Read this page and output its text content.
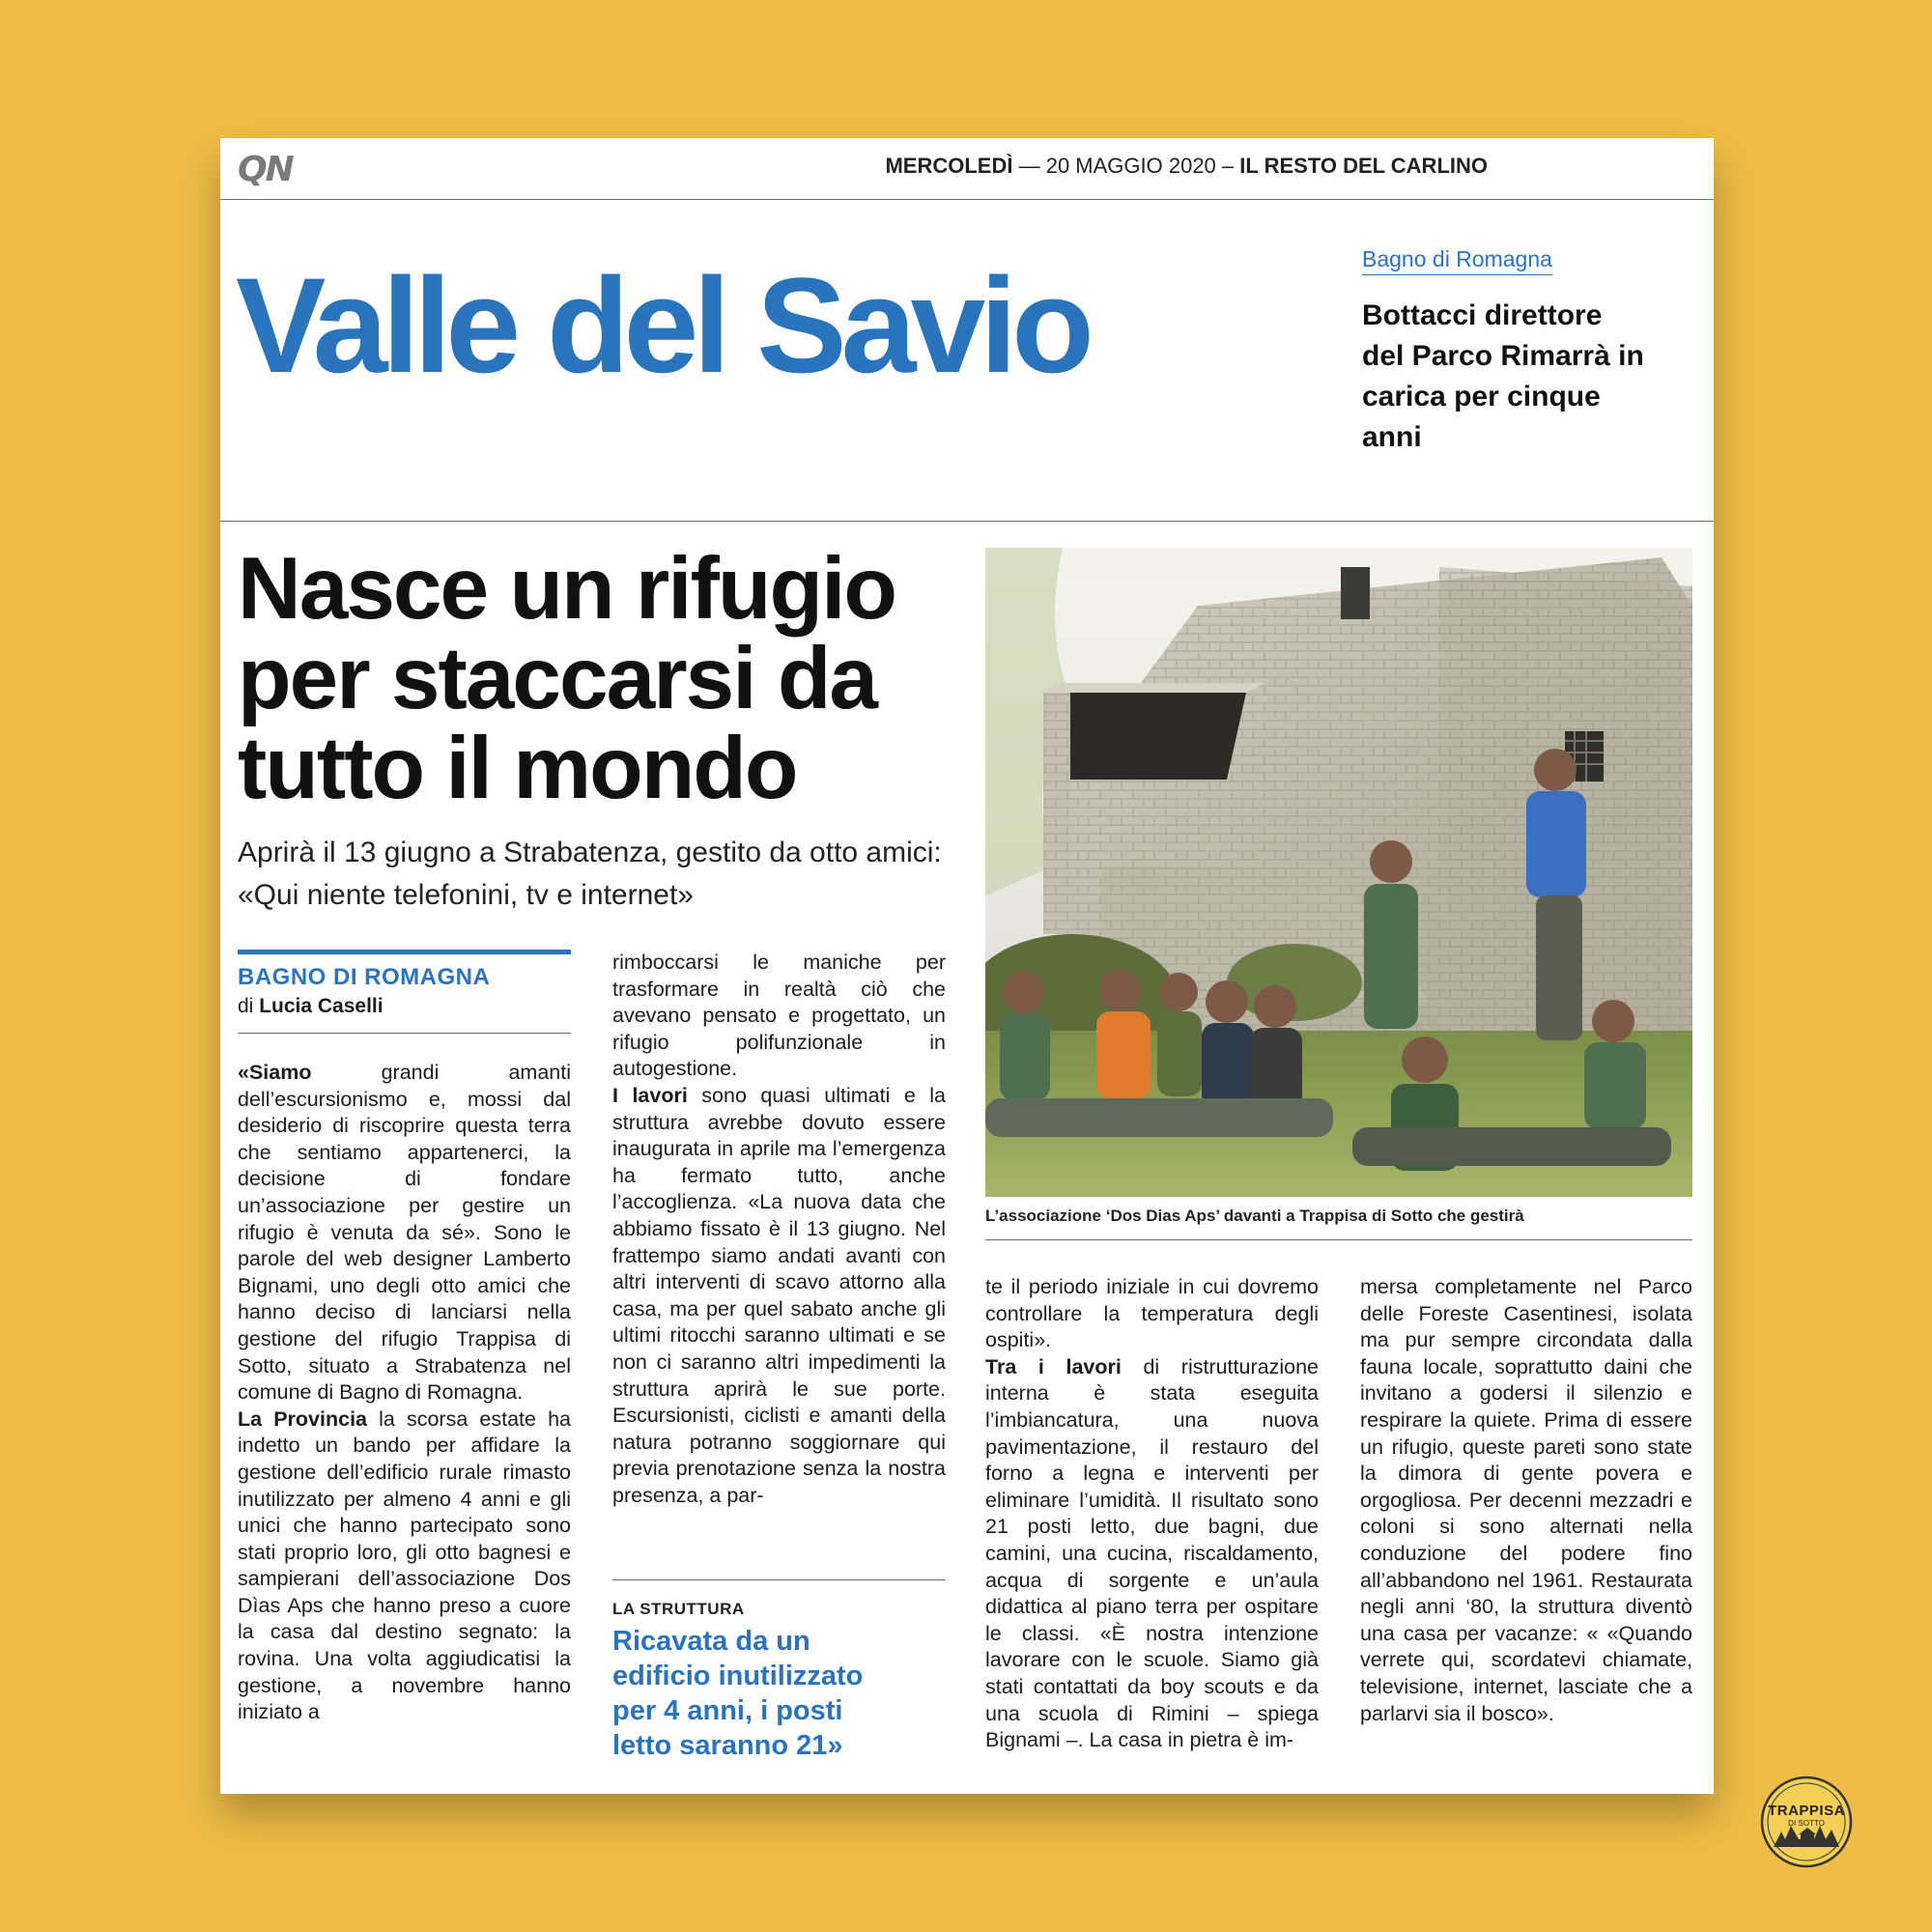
QN	MERCOLEDÌ — 20 MAGGIO 2020 – IL RESTO DEL CARLINO
Valle del Savio	Bagno di Romagna
Bottacci direttore del Parco Rimarrà in carica per cinque anni
Nasce un rifugio per staccarsi da tutto il mondo
Aprirà il 13 giugno a Strabatenza, gestito da otto amici: «Qui niente telefonini, tv e internet»
L’associazione ‘Dos Dias Aps’ davanti a Trappisa di Sotto che gestirà
BAGNO DI ROMAGNA
di Lucia Caselli

«Siamo grandi amanti dell’escursionismo e, mossi dal desiderio di riscoprire questa terra che sentiamo appartenerci, la decisione di fondare un’associazione per gestire un rifugio è venuta da sé». Sono le parole del web designer Lamberto Bignami, uno degli otto amici che hanno deciso di lanciarsi nella gestione del rifugio Trappisa di Sotto, situato a Strabatenza nel comune di Bagno di Romagna.

La Provincia la scorsa estate ha indetto un bando per affidare la gestione dell’edificio rurale rimasto inutilizzato per almeno 4 anni e gli unici che hanno partecipato sono stati proprio loro, gli otto bagnesi e sampierani dell’associazione Dos Dìas Aps che hanno preso a cuore la casa dal destino segnato: la rovina. Una volta aggiudicatisi la gestione, a novembre hanno iniziato a

rimboccarsi le maniche per trasformare in realtà ciò che avevano pensato e progettato, un rifugio polifunzionale in autogestione.

I lavori sono quasi ultimati e la struttura avrebbe dovuto essere inaugurata in aprile ma l’emergenza ha fermato tutto, anche l’accoglienza. «La nuova data che abbiamo fissato è il 13 giugno. Nel frattempo siamo andati avanti con altri interventi di scavo attorno alla casa, ma per quel sabato anche gli ultimi ritocchi saranno ultimati e se non ci saranno altri impedimenti la struttura aprirà le sue porte. Escursionisti, ciclisti e amanti della natura potranno soggiornare qui previa prenotazione senza la nostra presenza, a par-

LA STRUTTURA
Ricavata da un edificio inutilizzato per 4 anni, i posti letto saranno 21»

te il periodo iniziale in cui dovremo controllare la temperatura degli ospiti».

Tra i lavori di ristrutturazione interna è stata eseguita l’imbiancatura, una nuova pavimentazione, il restauro del forno a legna e interventi per eliminare l’umidità. Il risultato sono 21 posti letto, due bagni, due camini, una cucina, riscaldamento, acqua di sorgente e un’aula didattica al piano terra per ospitare le classi. «È nostra intenzione lavorare con le scuole. Siamo già stati contattati da boy scouts e da una scuola di Rimini – spiega Bignami –. La casa in pietra è im-

mersa completamente nel Parco delle Foreste Casentinesi, isolata ma pur sempre circondata dalla fauna locale, soprattutto daini che invitano a godersi il silenzio e respirare la quiete. Prima di essere un rifugio, queste pareti sono state la dimora di gente povera e orgogliosa. Per decenni mezzadri e coloni si sono alternati nella conduzione del podere fino all’abbandono nel 1961. Restaurata negli anni ‘80, la struttura diventò una casa per vacanze: « «Quando verrete qui, scordatevi chiamate, televisione, internet, lasciate che a parlarvi sia il bosco».

TRAPPISA
DI SOTTO
